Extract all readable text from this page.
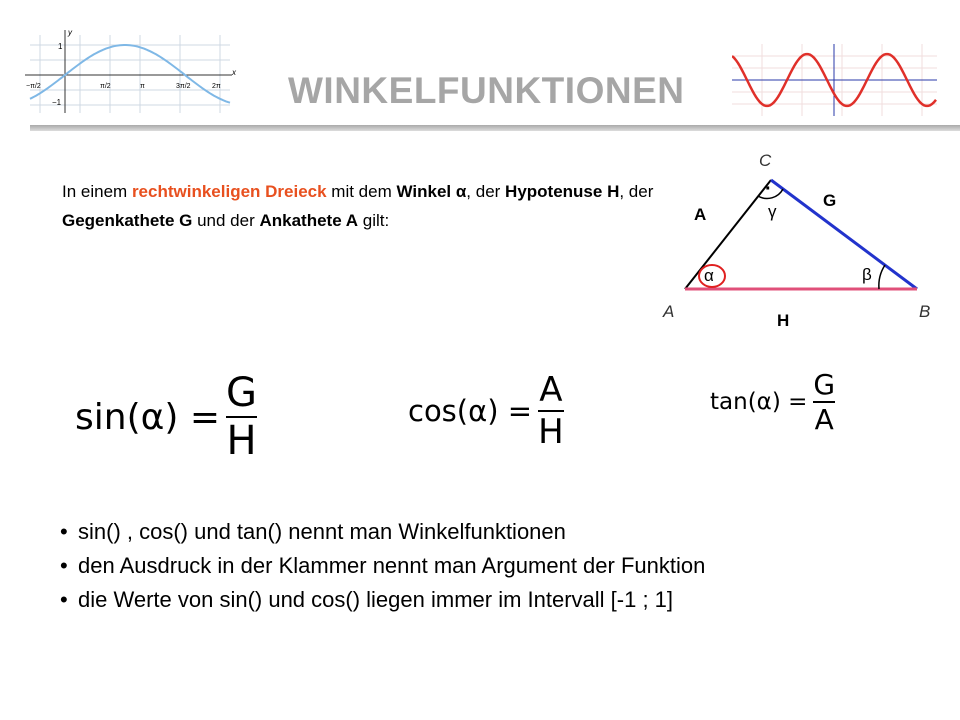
y
x
1
−1
−π/2	π/2	π	3π/2	2π WINKELFUNKTIONEN
In einem rechtwinkeligen Dreieck mit dem Winkel α, der Hypotenuse H, der Gegenkathete G und der Ankathete A gilt:
C
A	B
A
G
H
α	β
γ
·
$\sin(\alpha) = \frac{G}{H}$	$\cos(\alpha) = \frac{A}{H}$	$\tan(\alpha) = \frac{G}{A}$
• sin() , cos() und tan() nennt man Winkelfunktionen
• den Ausdruck in der Klammer nennt man Argument der Funktion
• die Werte von sin() und cos() liegen immer im Intervall [-1 ; 1]
